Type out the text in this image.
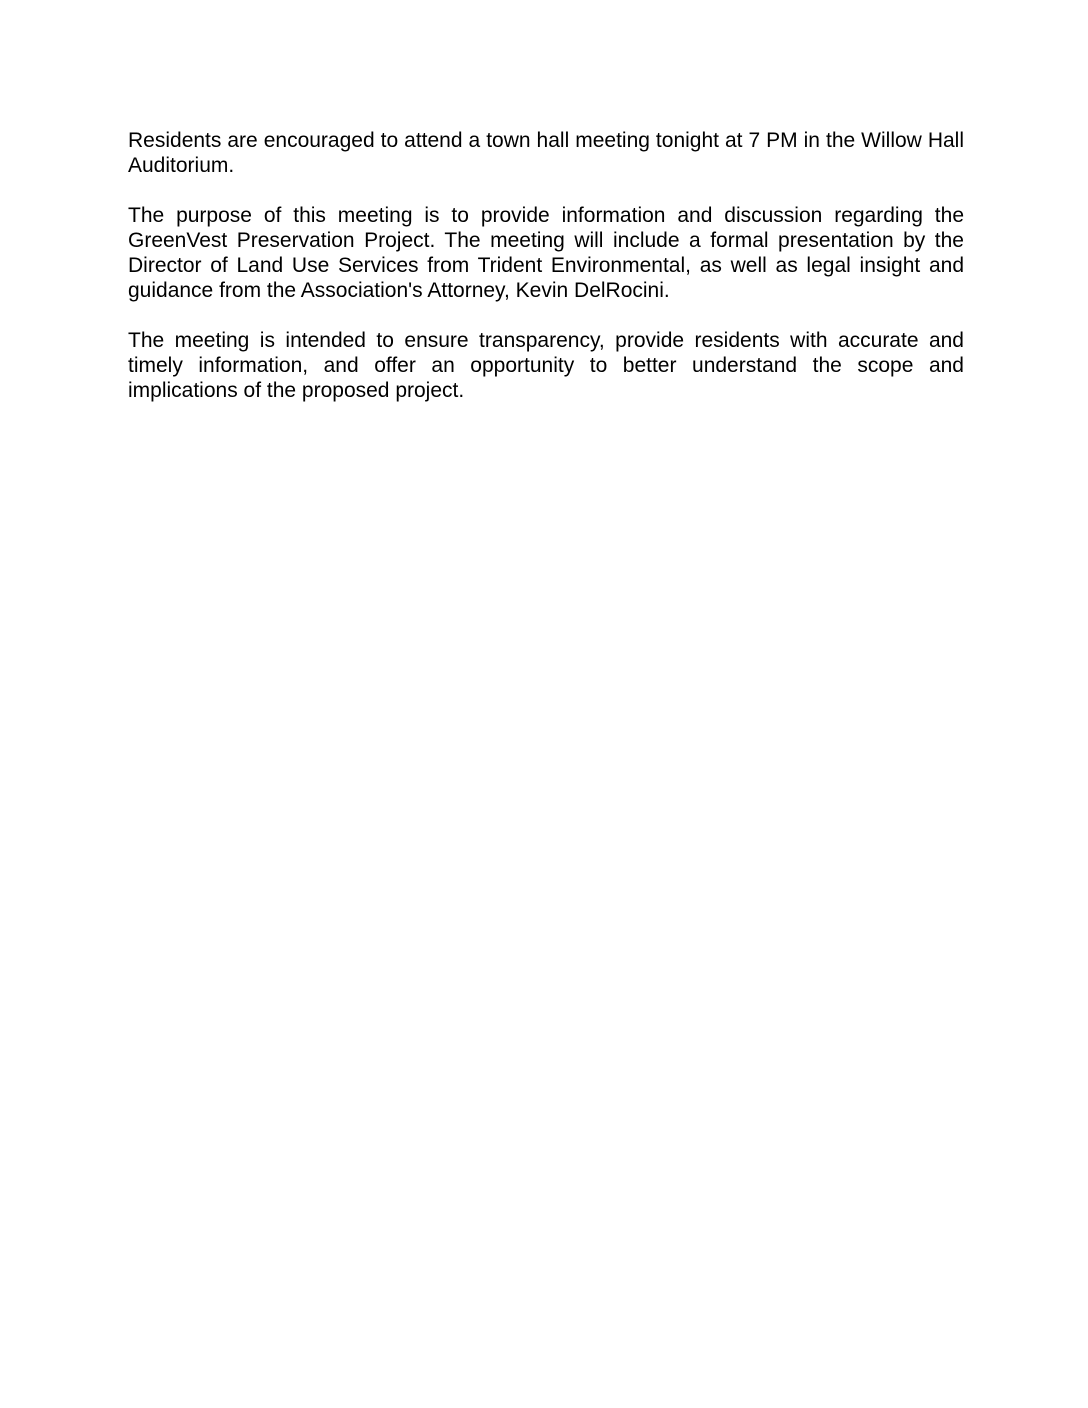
Residents are encouraged to attend a town hall meeting tonight at 7 PM in the Willow Hall Auditorium.

The purpose of this meeting is to provide information and discussion regarding the GreenVest Preservation Project. The meeting will include a formal presentation by the Director of Land Use Services from Trident Environmental, as well as legal insight and guidance from the Association's Attorney, Kevin DelRocini.

The meeting is intended to ensure transparency, provide residents with accurate and timely information, and offer an opportunity to better understand the scope and implications of the proposed project.
